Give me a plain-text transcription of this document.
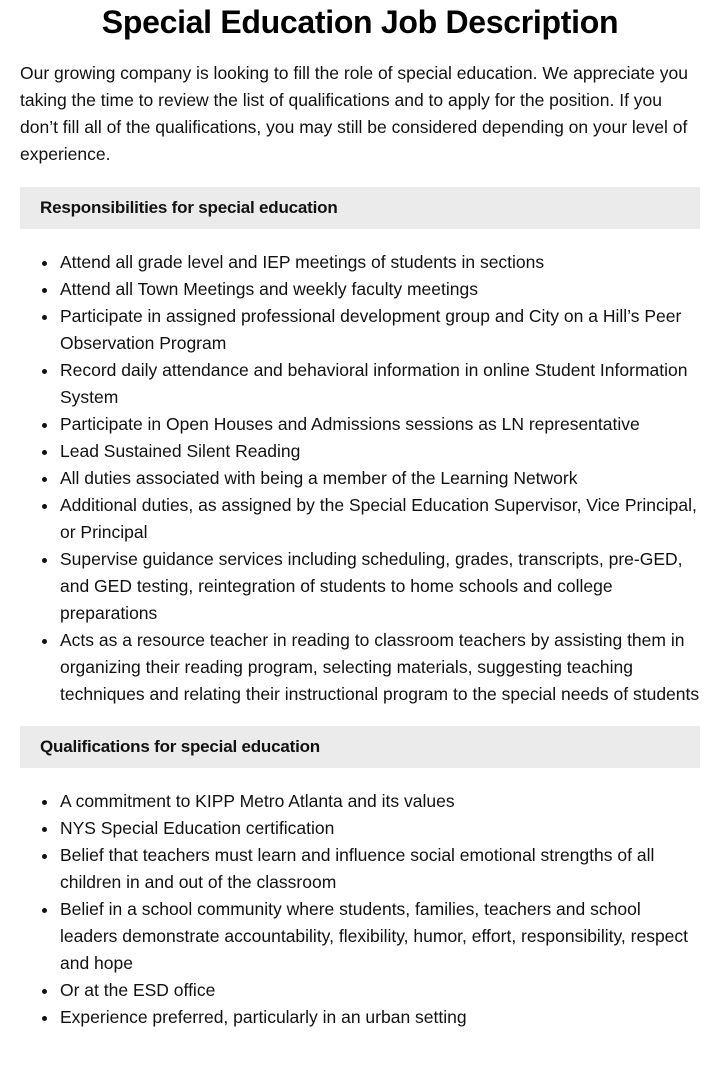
Special Education Job Description

Our growing company is looking to fill the role of special education. We appreciate you taking the time to review the list of qualifications and to apply for the position. If you don’t fill all of the qualifications, you may still be considered depending on your level of experience.

Responsibilities for special education
Attend all grade level and IEP meetings of students in sections
Attend all Town Meetings and weekly faculty meetings
Participate in assigned professional development group and City on a Hill’s Peer Observation Program
Record daily attendance and behavioral information in online Student Information System
Participate in Open Houses and Admissions sessions as LN representative
Lead Sustained Silent Reading
All duties associated with being a member of the Learning Network
Additional duties, as assigned by the Special Education Supervisor, Vice Principal, or Principal
Supervise guidance services including scheduling, grades, transcripts, pre-GED, and GED testing, reintegration of students to home schools and college preparations
Acts as a resource teacher in reading to classroom teachers by assisting them in organizing their reading program, selecting materials, suggesting teaching techniques and relating their instructional program to the special needs of students
Qualifications for special education
A commitment to KIPP Metro Atlanta and its values
NYS Special Education certification
Belief that teachers must learn and influence social emotional strengths of all children in and out of the classroom
Belief in a school community where students, families, teachers and school leaders demonstrate accountability, flexibility, humor, effort, responsibility, respect and hope
Or at the ESD office
Experience preferred, particularly in an urban setting
